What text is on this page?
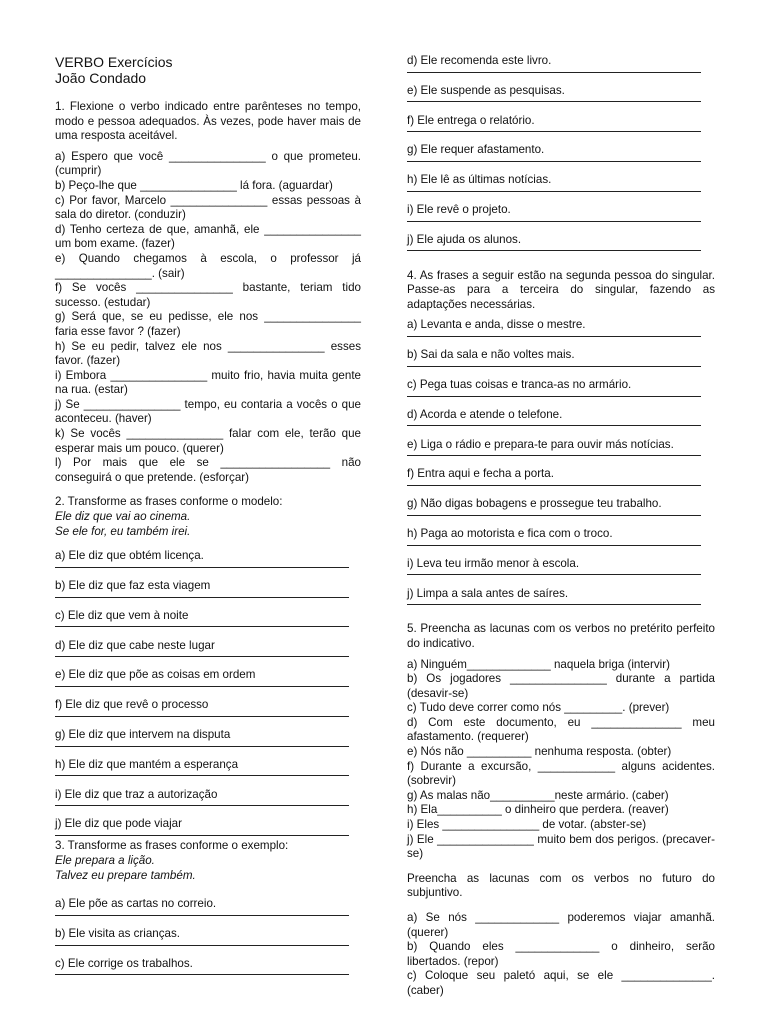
VERBO Exercícios
João Condado

1. Flexione o verbo indicado entre parênteses no tempo, modo e pessoa adequados. Às vezes, pode haver mais de uma resposta aceitável.

a) Espero que você _______________ o que prometeu. (cumprir)

b) Peço-lhe que _______________ lá fora. (aguardar)

c) Por favor, Marcelo _______________ essas pessoas à sala do diretor. (conduzir)

d) Tenho certeza de que, amanhã, ele _______________ um bom exame. (fazer)

e) Quando chegamos à escola, o professor já _______________. (sair)

f) Se vocês _______________ bastante, teriam tido sucesso. (estudar)

g) Será que, se eu pedisse, ele nos _______________ faria esse favor ? (fazer)

h) Se eu pedir, talvez ele nos _______________ esses favor. (fazer)

i) Embora _______________ muito frio, havia muita gente na rua. (estar)

j) Se _______________ tempo, eu contaria a vocês o que aconteceu. (haver)

k) Se vocês _______________ falar com ele, terão que esperar mais um pouco. (querer)

l) Por mais que ele se _________________ não conseguirá o que pretende. (esforçar)

2. Transforme as frases conforme o modelo:

Ele diz que vai ao cinema.

Se ele for, eu também irei.

a) Ele diz que obtém licença.
b) Ele diz que faz esta viagem
c) Ele diz que vem à noite
d) Ele diz que cabe neste lugar
e) Ele diz que põe as coisas em ordem
f) Ele diz que revê o processo
g) Ele diz que intervem na disputa
h) Ele diz que mantém a esperança
i) Ele diz que traz a autorização
j) Ele diz que pode viajar

3. Transforme as frases conforme o exemplo:

Ele prepara a lição.

Talvez eu prepare também.

a) Ele põe as cartas no correio.
b) Ele visita as crianças.
c) Ele corrige os trabalhos.
d) Ele recomenda este livro.
e) Ele suspende as pesquisas.
f) Ele entrega o relatório.
g) Ele requer afastamento.
h) Ele lê as últimas notícias.
i) Ele revê o projeto.
j) Ele ajuda os alunos.

4. As frases a seguir estão na segunda pessoa do singular. Passe-as para a terceira do singular, fazendo as adaptações necessárias.

a) Levanta e anda, disse o mestre.
b) Sai da sala e não voltes mais.
c) Pega tuas coisas e tranca-as no armário.
d) Acorda e atende o telefone.
e) Liga o rádio e prepara-te para ouvir más notícias.
f) Entra aqui e fecha a porta.
g) Não digas bobagens e prossegue teu trabalho.
h) Paga ao motorista e fica com o troco.
i) Leva teu irmão menor à escola.
j) Limpa a sala antes de saíres.

5. Preencha as lacunas com os verbos no pretérito perfeito do indicativo.

a) Ninguém_____________ naquela briga (intervir)

b) Os jogadores _______________ durante a partida (desavir-se)

c) Tudo deve correr como nós _________. (prever)

d) Com este documento, eu ______________ meu afastamento. (requerer)

e) Nós não __________ nenhuma resposta. (obter)

f) Durante a excursão, ____________ alguns acidentes. (sobrevir)

g) As malas não__________neste armário. (caber)

h) Ela__________ o dinheiro que perdera. (reaver)

i) Eles _______________ de votar. (abster-se)

j) Ele _______________ muito bem dos perigos. (precaver-se)

Preencha as lacunas com os verbos no futuro do subjuntivo.

a) Se nós _____________ poderemos viajar amanhã. (querer)

b) Quando eles _____________ o dinheiro, serão libertados. (repor)

c) Coloque seu paletó aqui, se ele ______________. (caber)
